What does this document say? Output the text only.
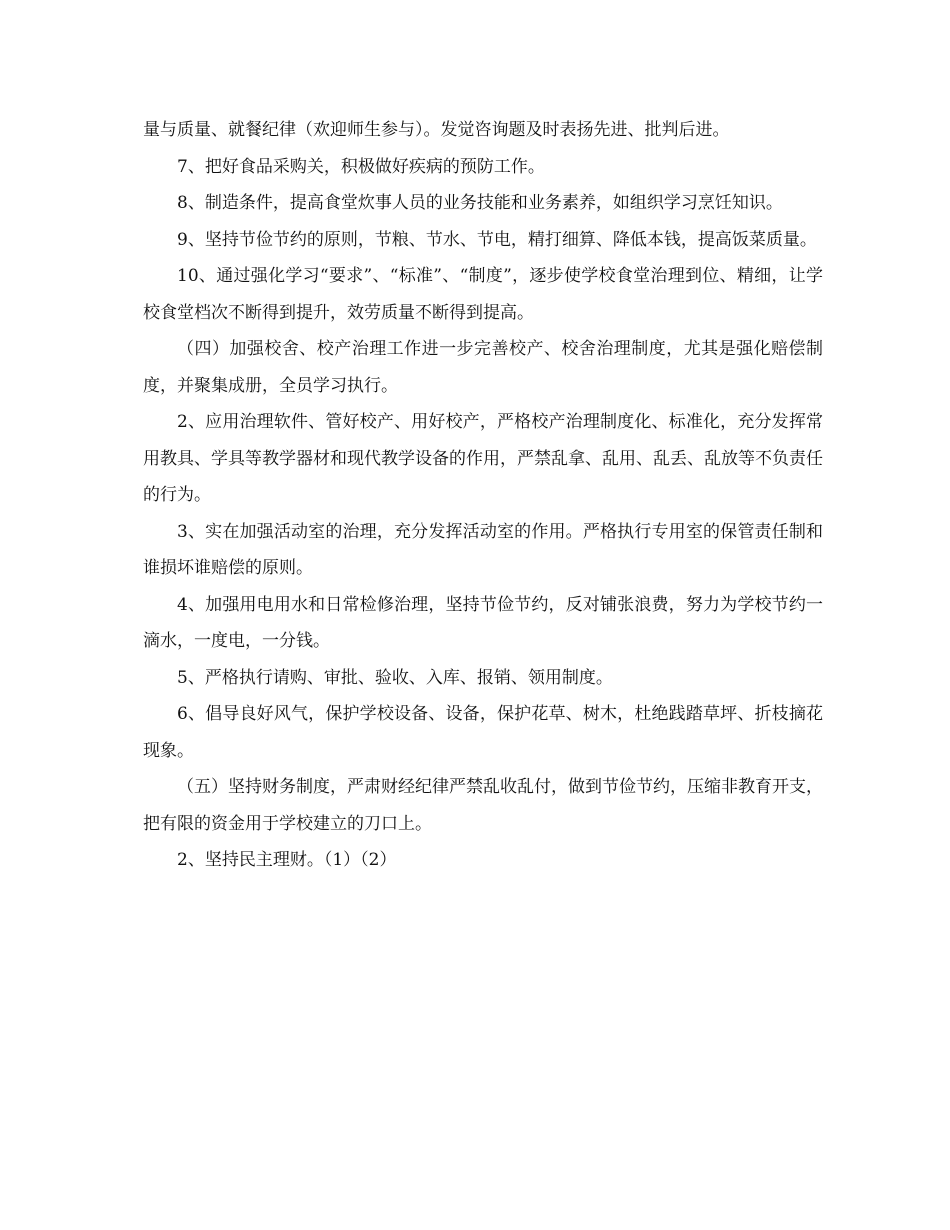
量与质量、就餐纪律（欢迎师生参与）。发觉咨询题及时表扬先进、批判后进。

7、把好食品采购关，积极做好疾病的预防工作。

8、制造条件，提高食堂炊事人员的业务技能和业务素养，如组织学习烹饪知识。

9、坚持节俭节约的原则，节粮、节水、节电，精打细算、降低本钱，提高饭菜质量。

10、通过强化学习“要求”、“标准”、“制度”，逐步使学校食堂治理到位、精细，让学校食堂档次不断得到提升，效劳质量不断得到提高。

（四）加强校舍、校产治理工作进一步完善校产、校舍治理制度，尤其是强化赔偿制度，并聚集成册，全员学习执行。

2、应用治理软件、管好校产、用好校产，严格校产治理制度化、标准化，充分发挥常用教具、学具等教学器材和现代教学设备的作用，严禁乱拿、乱用、乱丢、乱放等不负责任的行为。

3、实在加强活动室的治理，充分发挥活动室的作用。严格执行专用室的保管责任制和谁损坏谁赔偿的原则。

4、加强用电用水和日常检修治理，坚持节俭节约，反对铺张浪费，努力为学校节约一滴水，一度电，一分钱。

5、严格执行请购、审批、验收、入库、报销、领用制度。

6、倡导良好风气，保护学校设备、设备，保护花草、树木，杜绝践踏草坪、折枝摘花现象。

（五）坚持财务制度，严肃财经纪律严禁乱收乱付，做到节俭节约，压缩非教育开支，把有限的资金用于学校建立的刀口上。

2、坚持民主理财。（1）（2）
